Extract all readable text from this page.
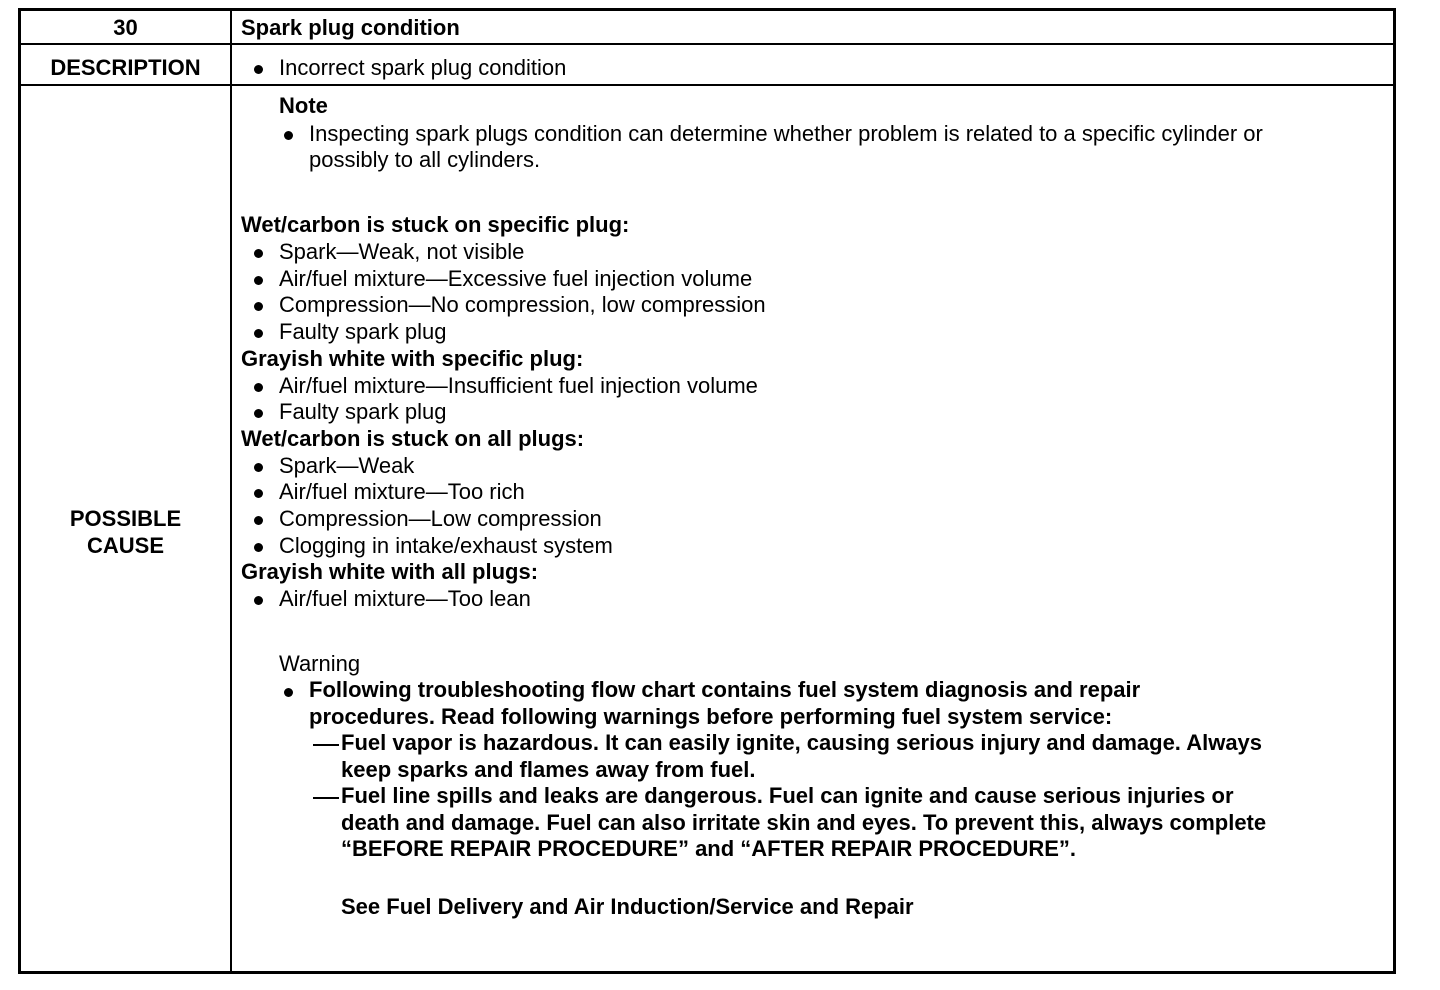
30	Spark plug condition
DESCRIPTION	Incorrect spark plug condition
POSSIBLE
CAUSE
Note
Inspecting spark plugs condition can determine whether problem is related to a specific cylinder or
possibly to all cylinders.
Wet/carbon is stuck on specific plug:
Spark—Weak, not visible
Air/fuel mixture—Excessive fuel injection volume
Compression—No compression, low compression
Faulty spark plug
Grayish white with specific plug:
Air/fuel mixture—Insufficient fuel injection volume
Faulty spark plug
Wet/carbon is stuck on all plugs:
Spark—Weak
Air/fuel mixture—Too rich
Compression—Low compression
Clogging in intake/exhaust system
Grayish white with all plugs:
Air/fuel mixture—Too lean
Warning
Following troubleshooting flow chart contains fuel system diagnosis and repair
procedures. Read following warnings before performing fuel system service:
Fuel vapor is hazardous. It can easily ignite, causing serious injury and damage. Always
keep sparks and flames away from fuel.
Fuel line spills and leaks are dangerous. Fuel can ignite and cause serious injuries or
death and damage. Fuel can also irritate skin and eyes. To prevent this, always complete
“BEFORE REPAIR PROCEDURE” and “AFTER REPAIR PROCEDURE”.
See Fuel Delivery and Air Induction/Service and Repair
